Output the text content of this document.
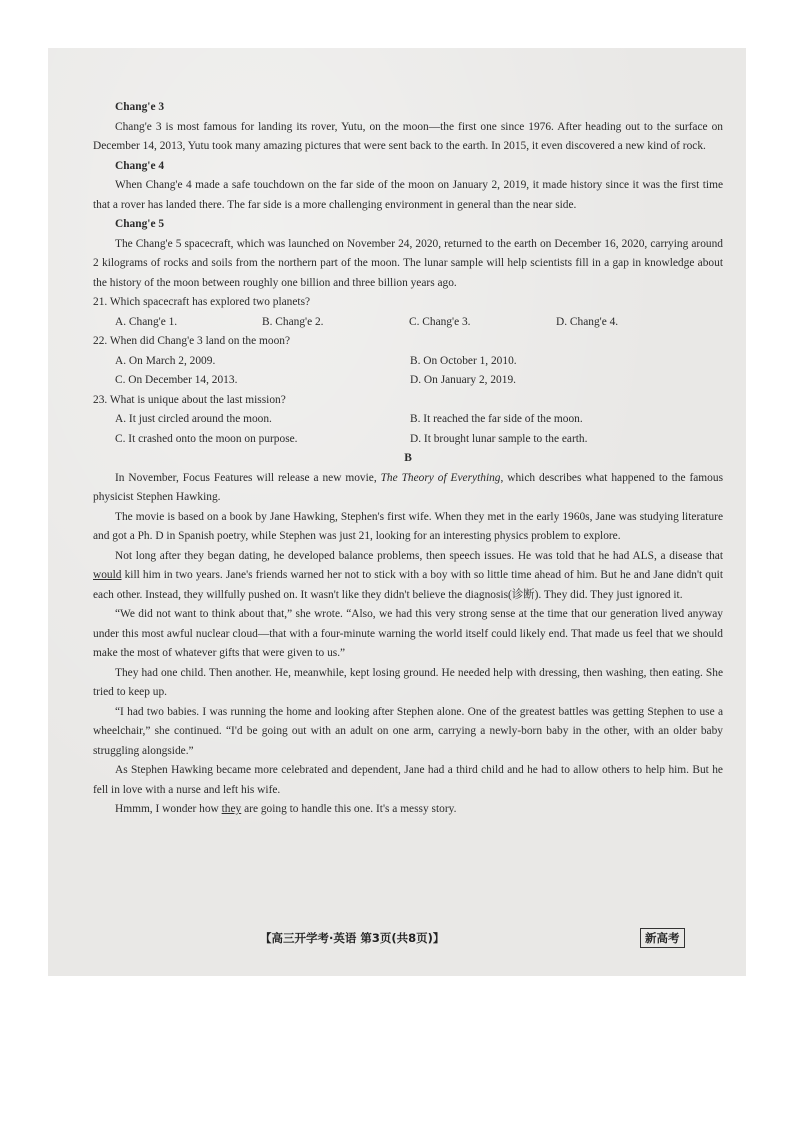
Chang'e 3

Chang'e 3 is most famous for landing its rover, Yutu, on the moon—the first one since 1976. After heading out to the surface on December 14, 2013, Yutu took many amazing pictures that were sent back to the earth. In 2015, it even discovered a new kind of rock.

Chang'e 4

When Chang'e 4 made a safe touchdown on the far side of the moon on January 2, 2019, it made history since it was the first time that a rover has landed there. The far side is a more challenging environment in general than the near side.

Chang'e 5

The Chang'e 5 spacecraft, which was launched on November 24, 2020, returned to the earth on December 16, 2020, carrying around 2 kilograms of rocks and soils from the northern part of the moon. The lunar sample will help scientists fill in a gap in knowledge about the history of the moon between roughly one billion and three billion years ago.

21. Which spacecraft has explored two planets?

A. Chang'e 1.	B. Chang'e 2.	C. Chang'e 3.	D. Chang'e 4.

22. When did Chang'e 3 land on the moon?

A. On March 2, 2009.	B. On October 1, 2010.
C. On December 14, 2013.	D. On January 2, 2019.

23. What is unique about the last mission?

A. It just circled around the moon.	B. It reached the far side of the moon.
C. It crashed onto the moon on purpose.	D. It brought lunar sample to the earth.

B

In November, Focus Features will release a new movie, The Theory of Everything, which describes what happened to the famous physicist Stephen Hawking.

The movie is based on a book by Jane Hawking, Stephen's first wife. When they met in the early 1960s, Jane was studying literature and got a Ph. D in Spanish poetry, while Stephen was just 21, looking for an interesting physics problem to explore.

Not long after they began dating, he developed balance problems, then speech issues. He was told that he had ALS, a disease that would kill him in two years. Jane's friends warned her not to stick with a boy with so little time ahead of him. But he and Jane didn't quit each other. Instead, they willfully pushed on. It wasn't like they didn't believe the diagnosis(诊断). They did. They just ignored it.

“We did not want to think about that,” she wrote. “Also, we had this very strong sense at the time that our generation lived anyway under this most awful nuclear cloud—that with a four-minute warning the world itself could likely end. That made us feel that we should make the most of whatever gifts that were given to us.”

They had one child. Then another. He, meanwhile, kept losing ground. He needed help with dressing, then washing, then eating. She tried to keep up.

“I had two babies. I was running the home and looking after Stephen alone. One of the greatest battles was getting Stephen to use a wheelchair,” she continued. “I'd be going out with an adult on one arm, carrying a newly-born baby in the other, with an older baby struggling alongside.”

As Stephen Hawking became more celebrated and dependent, Jane had a third child and he had to allow others to help him. But he fell in love with a nurse and left his wife.

Hmmm, I wonder how they are going to handle this one. It's a messy story.

【高三开学考·英语 第3页(共8页)】	新高考
